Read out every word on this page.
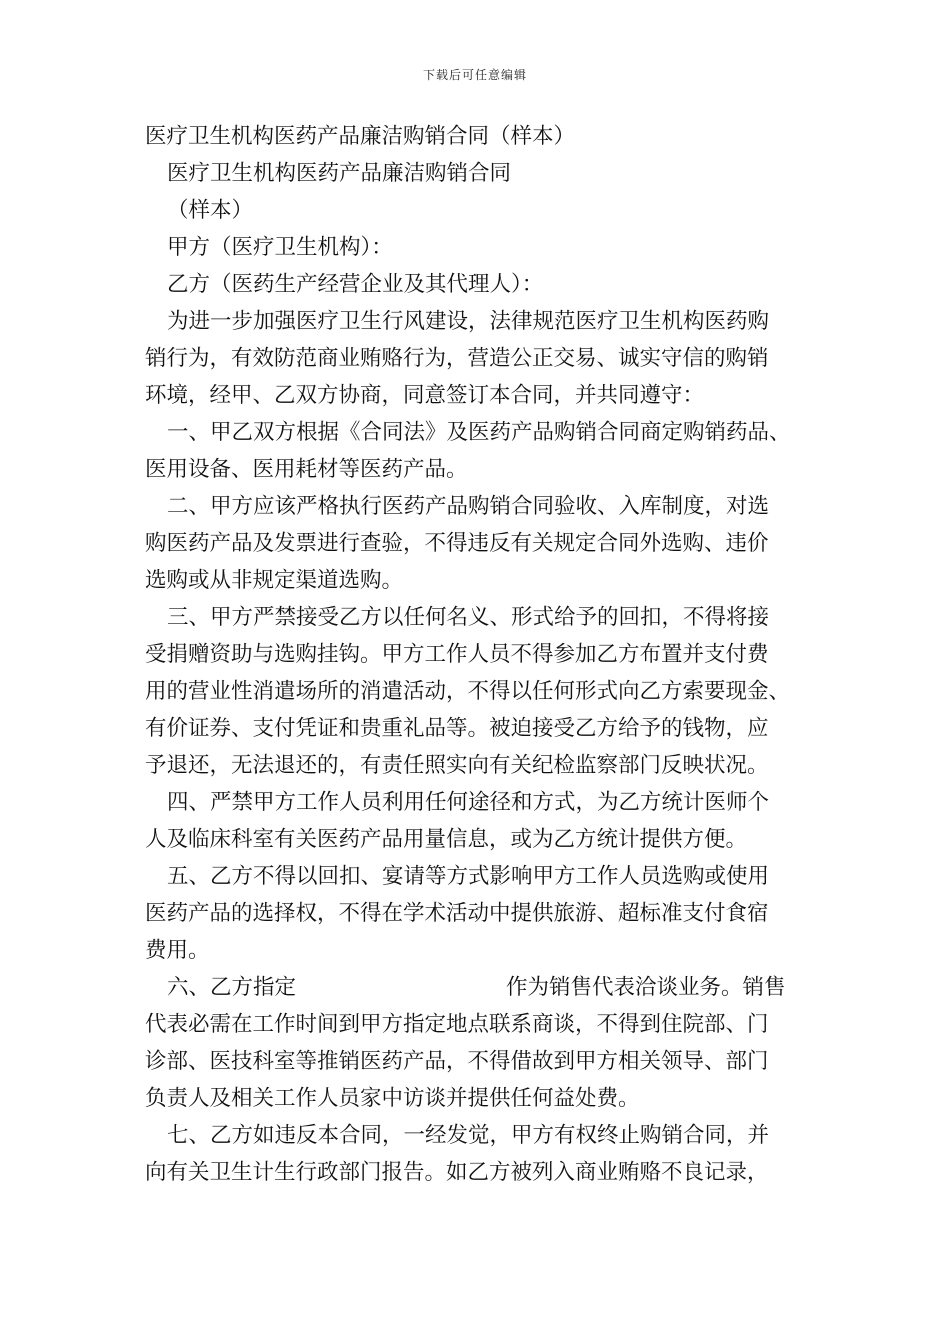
下载后可任意编辑
医疗卫生机构医药产品廉洁购销合同（样本）
医疗卫生机构医药产品廉洁购销合同
（样本）
甲方（医疗卫生机构）：
乙方（医药生产经营企业及其代理人）：
为进一步加强医疗卫生行风建设，法律规范医疗卫生机构医药购
销行为，有效防范商业贿赂行为，营造公正交易、诚实守信的购销
环境，经甲、乙双方协商，同意签订本合同，并共同遵守：
一、甲乙双方根据《合同法》及医药产品购销合同商定购销药品、
医用设备、医用耗材等医药产品。
二、甲方应该严格执行医药产品购销合同验收、入库制度，对选
购医药产品及发票进行查验，不得违反有关规定合同外选购、违价
选购或从非规定渠道选购。
三、甲方严禁接受乙方以任何名义、形式给予的回扣，不得将接
受捐赠资助与选购挂钩。甲方工作人员不得参加乙方布置并支付费
用的营业性消遣场所的消遣活动，不得以任何形式向乙方索要现金、
有价证券、支付凭证和贵重礼品等。被迫接受乙方给予的钱物，应
予退还，无法退还的，有责任照实向有关纪检监察部门反映状况。
四、严禁甲方工作人员利用任何途径和方式，为乙方统计医师个
人及临床科室有关医药产品用量信息，或为乙方统计提供方便。
五、乙方不得以回扣、宴请等方式影响甲方工作人员选购或使用
医药产品的选择权，不得在学术活动中提供旅游、超标准支付食宿
费用。
六、乙方指定	作为销售代表洽谈业务。销售
代表必需在工作时间到甲方指定地点联系商谈，不得到住院部、门
诊部、医技科室等推销医药产品，不得借故到甲方相关领导、部门
负责人及相关工作人员家中访谈并提供任何益处费。
七、乙方如违反本合同，一经发觉，甲方有权终止购销合同，并
向有关卫生计生行政部门报告。如乙方被列入商业贿赂不良记录，
